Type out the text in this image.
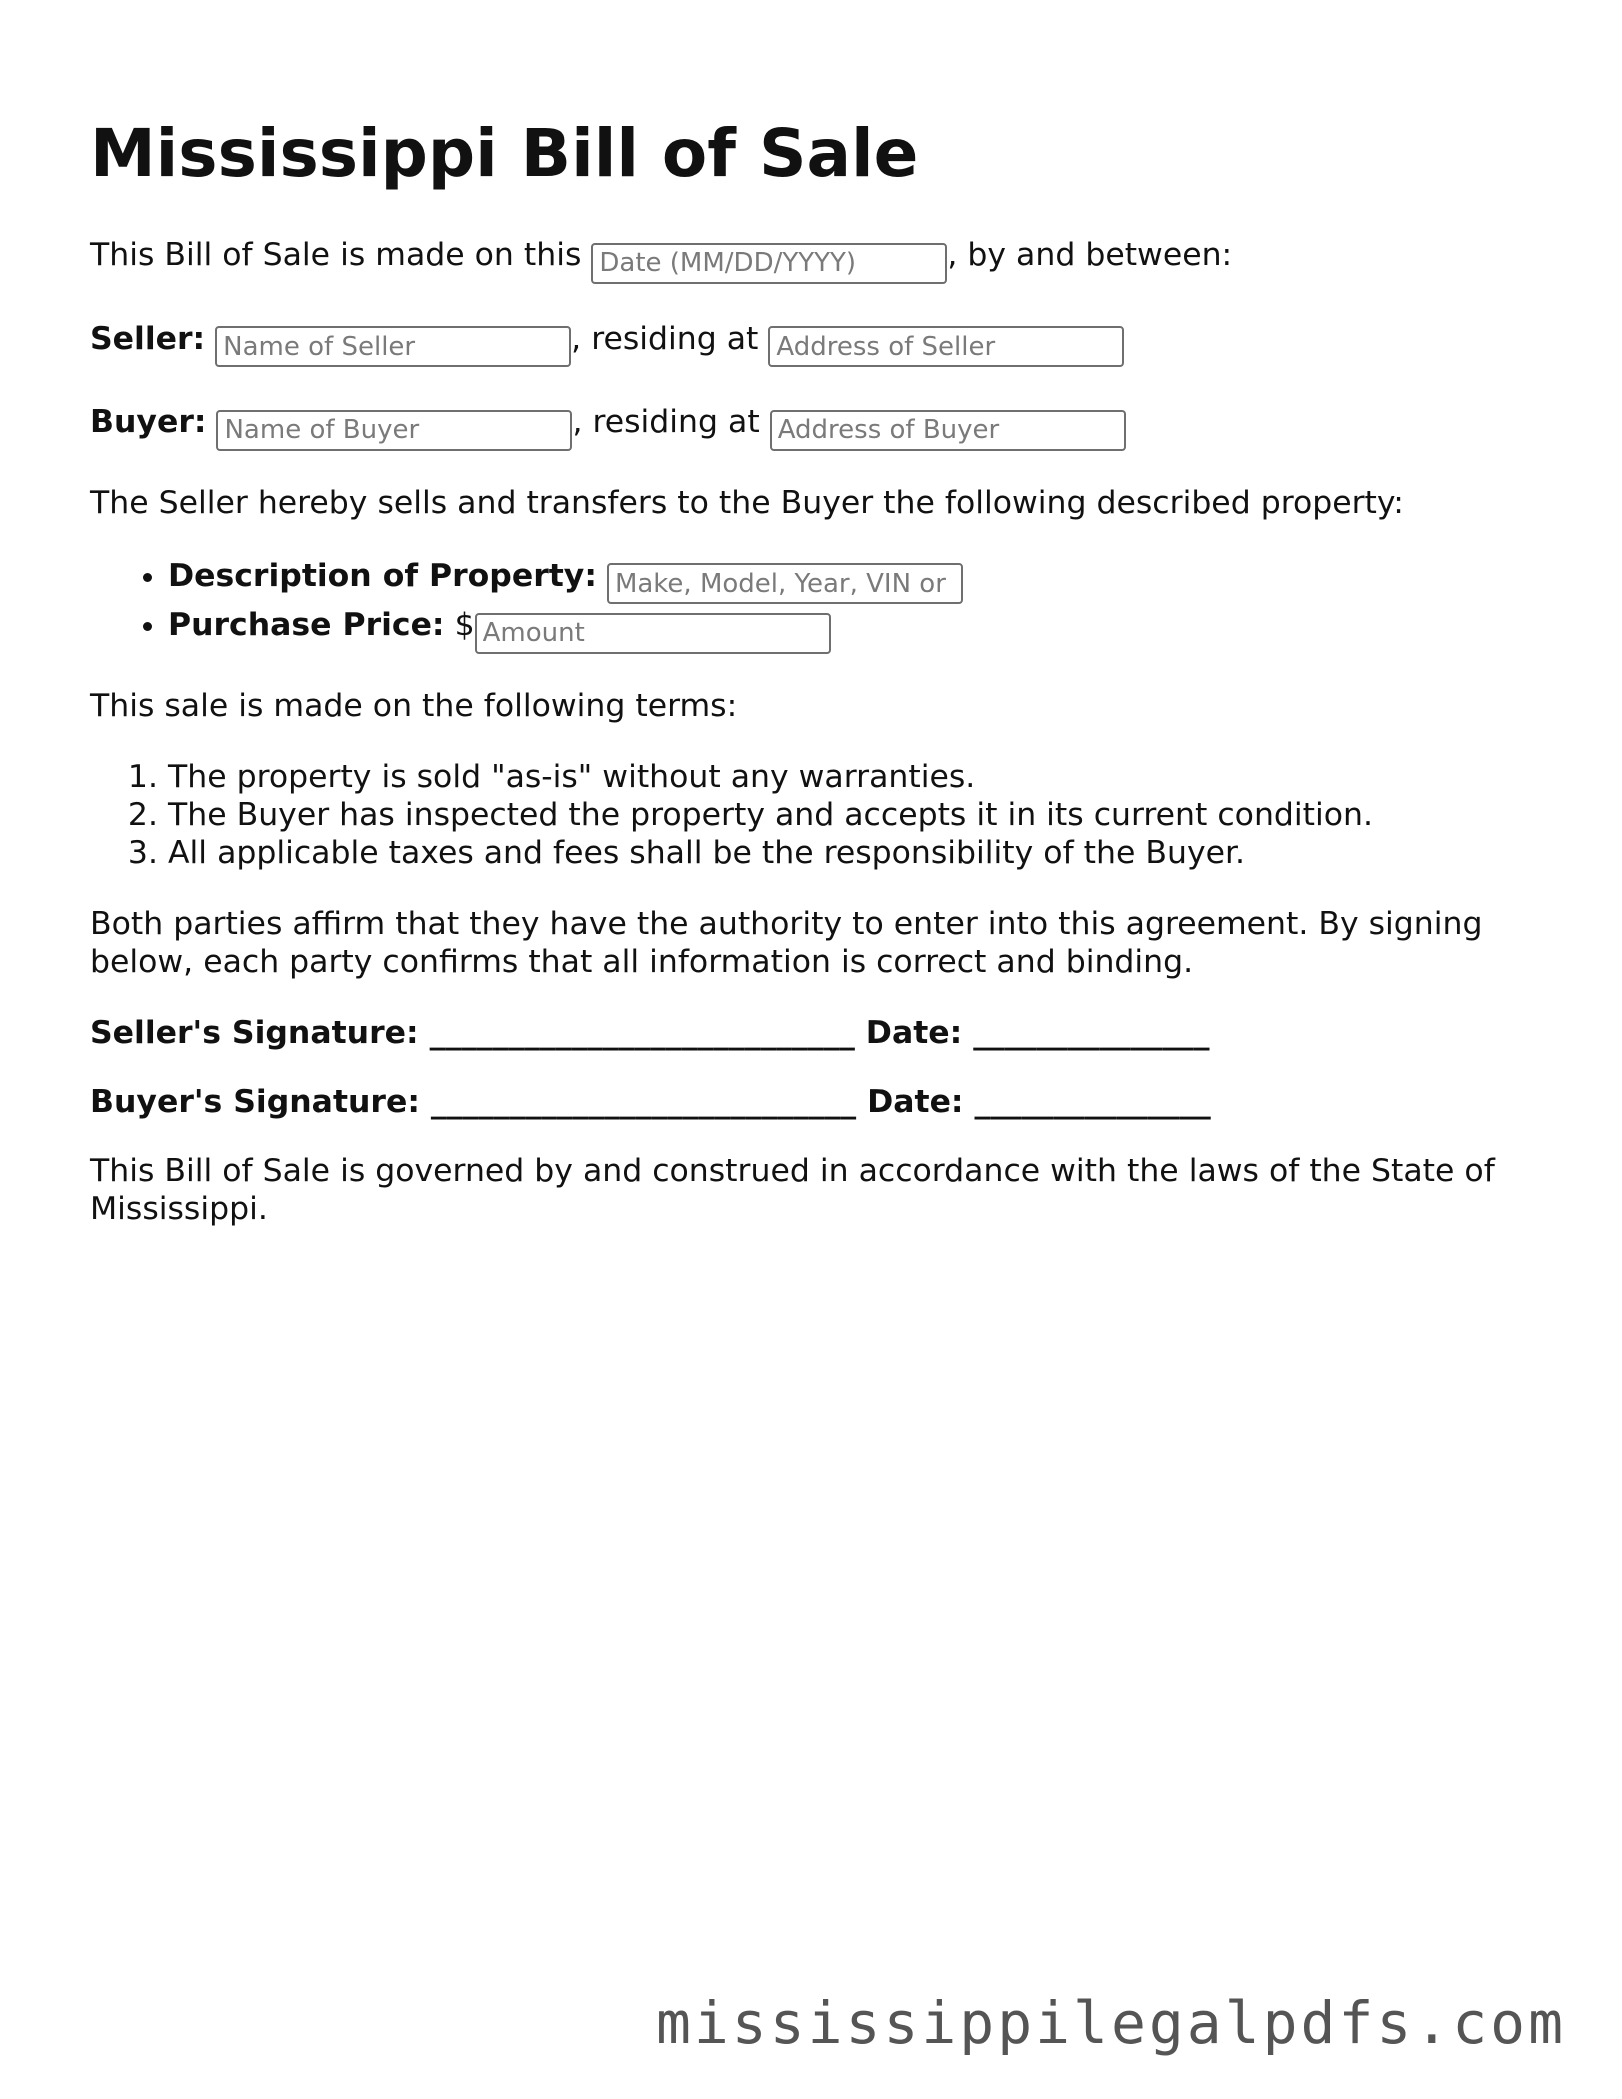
Mississippi Bill of Sale

This Bill of Sale is made on this Date (MM/DD/YYYY)	, by and between:

Seller: Name of Seller	, residing at Address of Seller

Buyer: Name of Buyer	, residing at Address of Buyer

The Seller hereby sells and transfers to the Buyer the following described property:

• Description of Property: Make, Model, Year, VIN or Serial Number
• Purchase Price: $Amount

This sale is made on the following terms:

1. The property is sold "as-is" without any warranties.
2. The Buyer has inspected the property and accepts it in its current condition.
3. All applicable taxes and fees shall be the responsibility of the Buyer.

Both parties affirm that they have the authority to enter into this agreement. By signing below, each party confirms that all information is correct and binding.

Seller's Signature: ___________________________ Date: _______________

Buyer's Signature: ___________________________ Date: _______________

This Bill of Sale is governed by and construed in accordance with the laws of the State of Mississippi.

mississippilegalpdfs.com
